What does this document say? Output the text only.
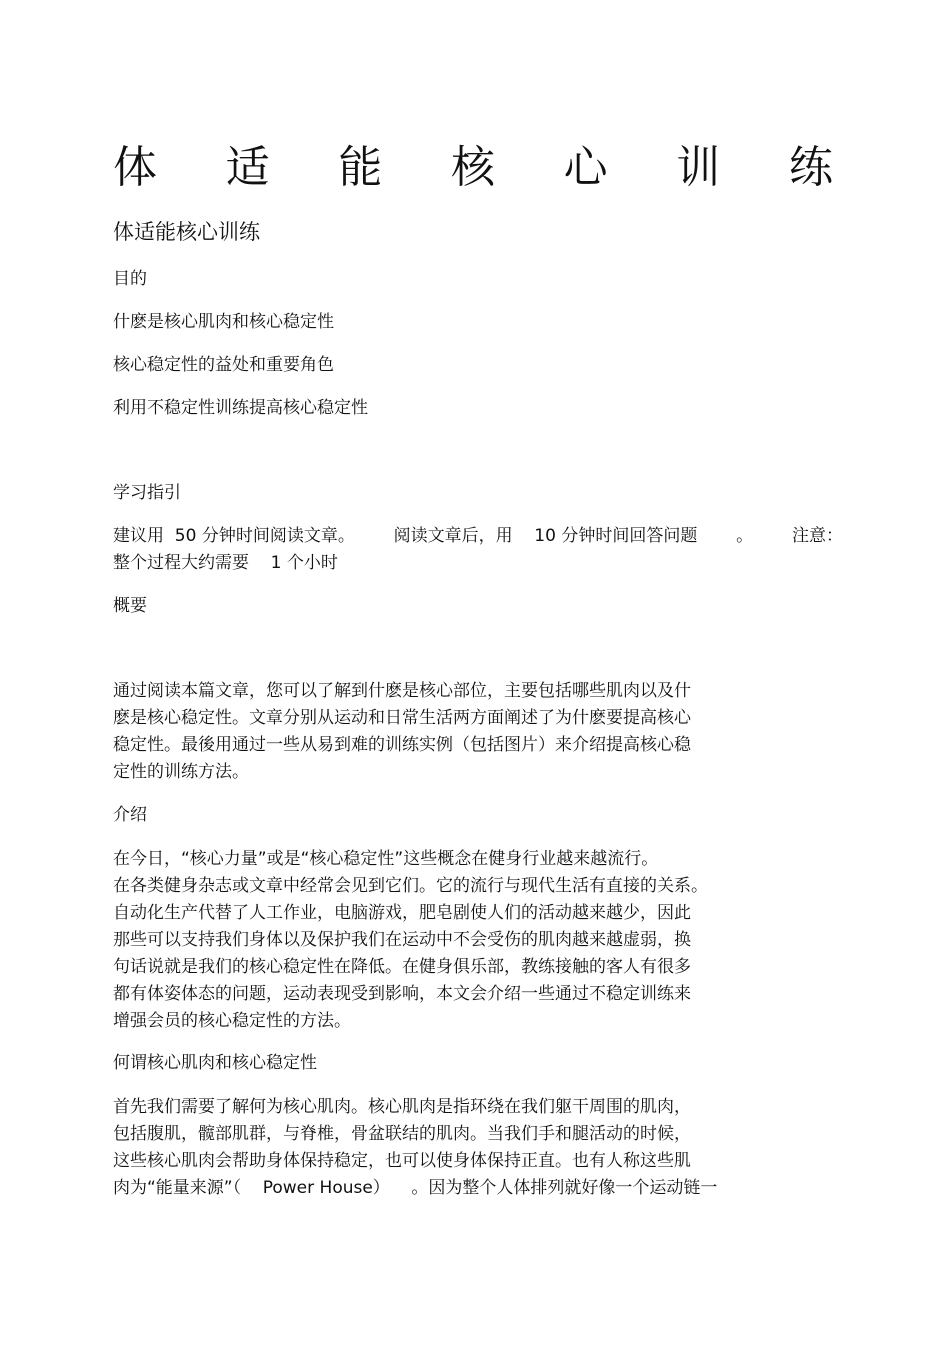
体 适 能 核 心 训 练
体适能核心训练
目的
什麽是核心肌肉和核心稳定性
核心稳定性的益处和重要角色
利用不稳定性训练提高核心稳定性
学习指引
建议用  50 分钟时间阅读文章。 阅读文章后，用    10 分钟时间回答问题 。 注意：
整个过程大约需要    1 个小时
概要
通过阅读本篇文章，您可以了解到什麽是核心部位，主要包括哪些肌肉以及什
麽是核心稳定性。文章分别从运动和日常生活两方面阐述了为什麽要提高核心
稳定性。最後用通过一些从易到难的训练实例（包括图片）来介绍提高核心稳
定性的训练方法。
介绍
在今日，“核心力量”或是“核心稳定性”这些概念在健身行业越来越流行。
在各类健身杂志或文章中经常会见到它们。它的流行与现代生活有直接的关系。
自动化生产代替了人工作业，电脑游戏，肥皂剧使人们的活动越来越少，因此
那些可以支持我们身体以及保护我们在运动中不会受伤的肌肉越来越虚弱，换
句话说就是我们的核心稳定性在降低。在健身俱乐部，教练接触的客人有很多
都有体姿体态的问题，运动表现受到影响，本文会介绍一些通过不稳定训练来
增强会员的核心稳定性的方法。
何谓核心肌肉和核心稳定性
首先我们需要了解何为核心肌肉。核心肌肉是指环绕在我们躯干周围的肌肉，
包括腹肌，髋部肌群，与脊椎，骨盆联结的肌肉。当我们手和腿活动的时候，
这些核心肌肉会帮助身体保持稳定，也可以使身体保持正直。也有人称这些肌
肉为“能量来源”（    Power House）    。因为整个人体排列就好像一个运动链一
